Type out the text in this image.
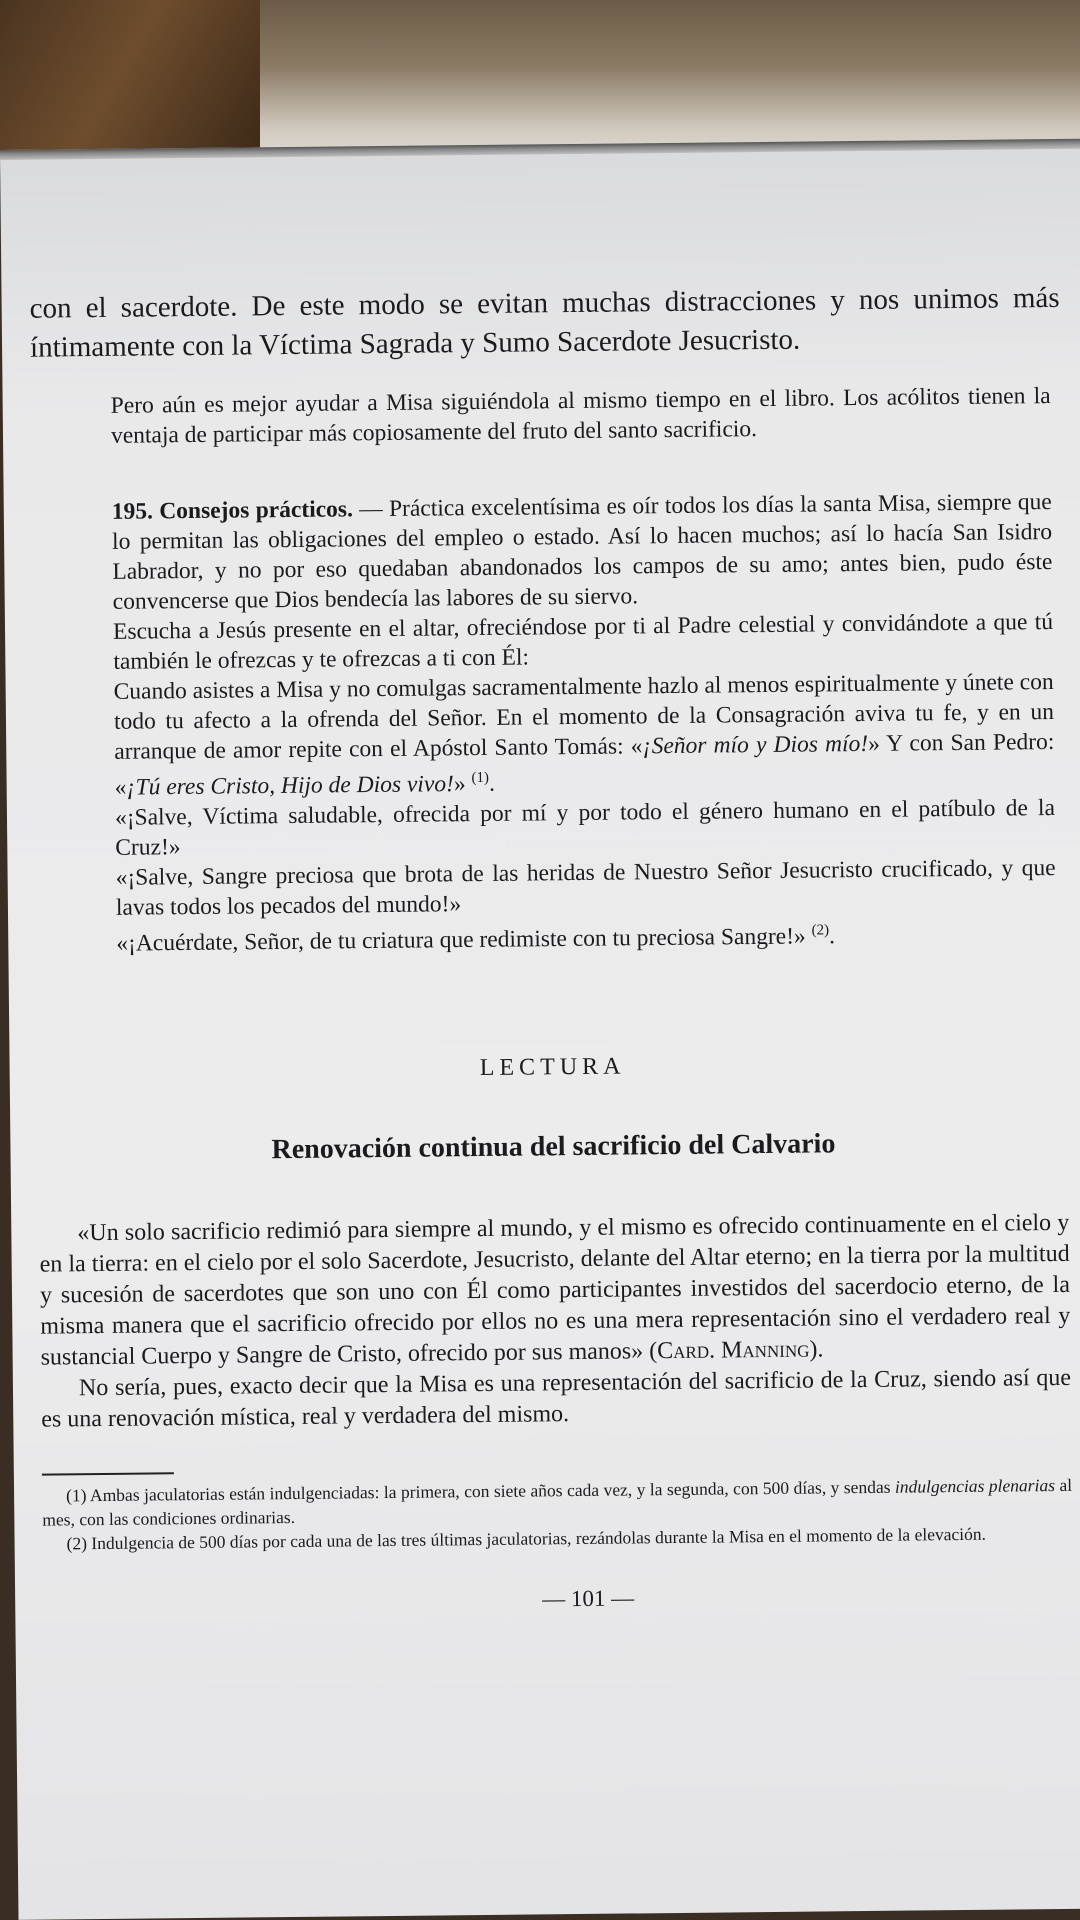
con el sacerdote. De este modo se evitan muchas distracciones y nos unimos más íntimamente con la Víctima Sagrada y Sumo Sacerdote Jesucristo.

Pero aún es mejor ayudar a Misa siguiéndola al mismo tiempo en el libro. Los acólitos tienen la ventaja de participar más copiosamente del fruto del santo sacrificio.

195. Consejos prácticos. — Práctica excelentísima es oír todos los días la santa Misa, siempre que lo permitan las obligaciones del empleo o estado. Así lo hacen muchos; así lo hacía San Isidro Labrador, y no por eso quedaban abandonados los campos de su amo; antes bien, pudo éste convencerse que Dios bendecía las labores de su siervo.

Escucha a Jesús presente en el altar, ofreciéndose por ti al Padre celestial y convidándote a que tú también le ofrezcas y te ofrezcas a ti con Él:

Cuando asistes a Misa y no comulgas sacramentalmente hazlo al menos espiritualmente y únete con todo tu afecto a la ofrenda del Señor. En el momento de la Consagración aviva tu fe, y en un arranque de amor repite con el Apóstol Santo Tomás: «¡Señor mío y Dios mío!» Y con San Pedro: «¡Tú eres Cristo, Hijo de Dios vivo!» $^{(1)}$.

«¡Salve, Víctima saludable, ofrecida por mí y por todo el género humano en el patíbulo de la Cruz!»

«¡Salve, Sangre preciosa que brota de las heridas de Nuestro Señor Jesucristo crucificado, y que lavas todos los pecados del mundo!»

«¡Acuérdate, Señor, de tu criatura que redimiste con tu preciosa Sangre!» $^{(2)}$.

LECTURA
Renovación continua del sacrificio del Calvario

«Un solo sacrificio redimió para siempre al mundo, y el mismo es ofrecido continuamente en el cielo y en la tierra: en el cielo por el solo Sacerdote, Jesucristo, delante del Altar eterno; en la tierra por la multitud y sucesión de sacerdotes que son uno con Él como participantes investidos del sacerdocio eterno, de la misma manera que el sacrificio ofrecido por ellos no es una mera representación sino el verdadero real y sustancial Cuerpo y Sangre de Cristo, ofrecido por sus manos» (Card. Manning).

No sería, pues, exacto decir que la Misa es una representación del sacrificio de la Cruz, siendo así que es una renovación mística, real y verdadera del mismo.

(1) Ambas jaculatorias están indulgenciadas: la primera, con siete años cada vez, y la segunda, con 500 días, y sendas indulgencias plenarias al mes, con las condiciones ordinarias.

(2) Indulgencia de 500 días por cada una de las tres últimas jaculatorias, rezándolas durante la Misa en el momento de la elevación.

— 101 —
